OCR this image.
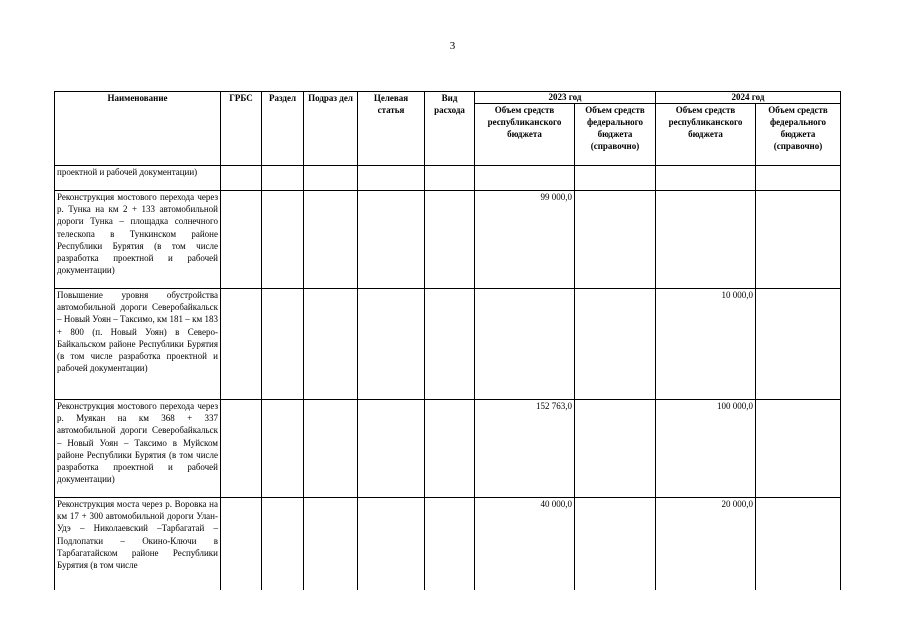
3
Наименование	ГРБС	Раздел	Подраз дел	Целевая статья	Вид расхода	2023 год		2024 год	
						Объем средств республиканского бюджета	Объем средств федерального бюджета (справочно)	Объем средств республиканского бюджета	Объем средств федерального бюджета (справочно)
проектной и рабочей документации)									
Реконструкция мостового перехода через р. Тунка на км 2 + 133 автомобильной дороги Тунка – площадка солнечного телескопа в Тункинском районе Республики Бурятия (в том числе разработка проектной и рабочей документации)						99 000,0			
Повышение уровня обустройства автомобильной дороги Северобайкальск – Новый Уоян – Таксимо, км 181 – км 183 + 800 (п. Новый Уоян) в Северо-Байкальском районе Республики Бурятия (в том числе разработка проектной и рабочей документации)								10 000,0	
Реконструкция мостового перехода через р. Муякан на км 368 + 337 автомобильной дороги Северобайкальск – Новый Уоян – Таксимо в Муйском районе Республики Бурятия (в том числе разработка проектной и рабочей документации)						152 763,0		100 000,0	
Реконструкция моста через р. Воровка на км 17 + 300 автомобильной дороги Улан-Удэ – Николаевский –Тарбагатай – Подлопатки – Окино-Ключи в Тарбагатайском районе Республики Бурятия (в том числе						40 000,0		20 000,0	
